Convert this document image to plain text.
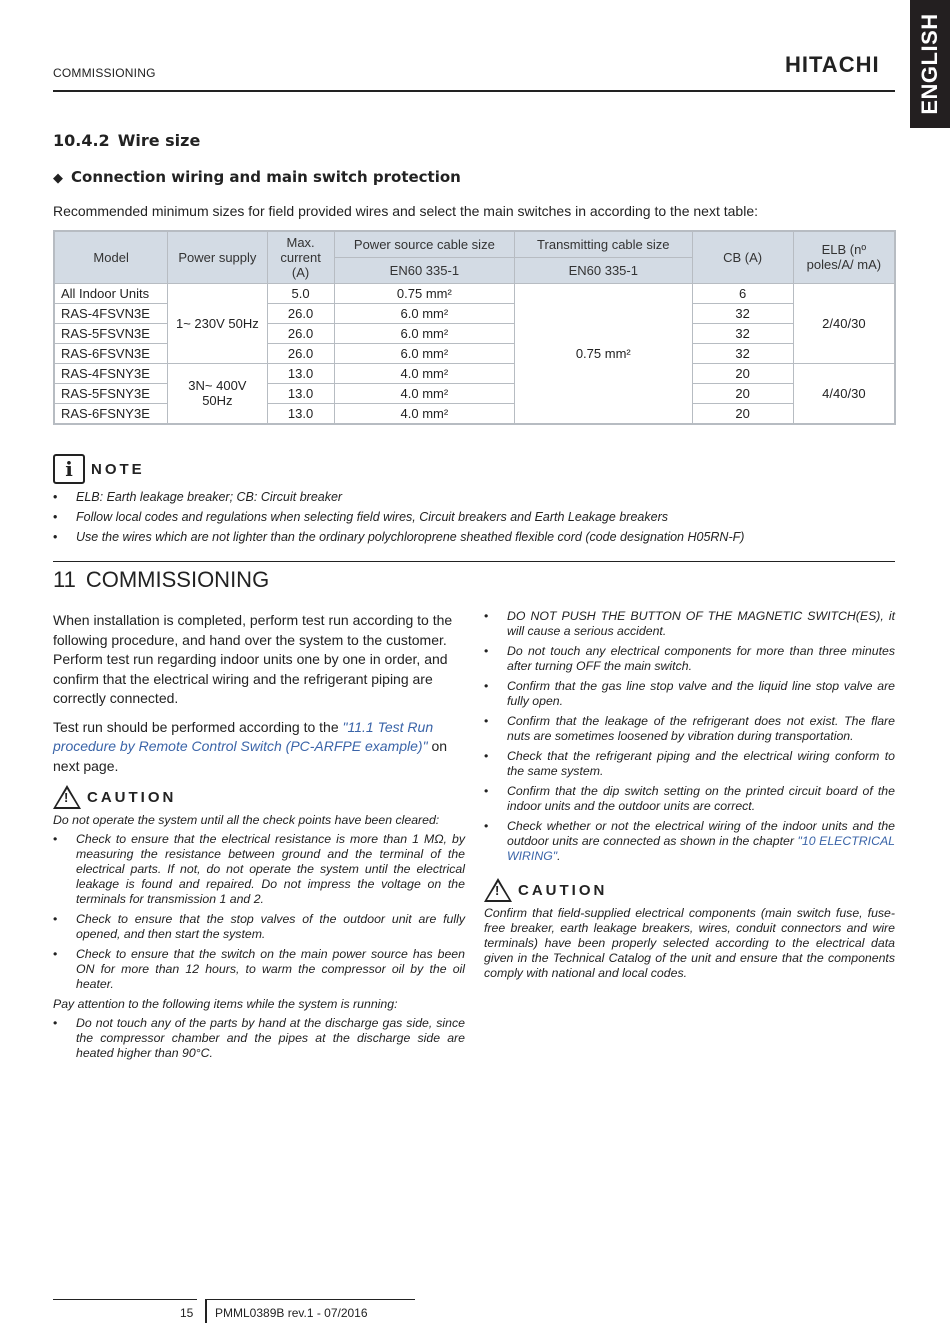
COMMISSIONING	HITACHI ENGLISH
10.4.2 Wire size
◆ Connection wiring and main switch protection
Recommended minimum sizes for field provided wires and select the main switches in according to the next table:
Model	Power supply	Max. current (A)	Power source cable size	Transmitting cable size	CB (A)	ELB (nº poles/A/ mA)
			EN60 335-1	EN60 335-1		
All Indoor Units	1~ 230V 50Hz	5.0	0.75 mm²	0.75 mm²	6	2/40/30
RAS-4FSVN3E		26.0	6.0 mm²		32	
RAS-5FSVN3E		26.0	6.0 mm²		32	
RAS-6FSVN3E		26.0	6.0 mm²		32	
RAS-4FSNY3E	3N~ 400V 50Hz	13.0	4.0 mm²		20	4/40/30
RAS-5FSNY3E		13.0	4.0 mm²		20	
RAS-6FSNY3E		13.0	4.0 mm²		20	
i NOTE
• ELB: Earth leakage breaker; CB: Circuit breaker
• Follow local codes and regulations when selecting field wires, Circuit breakers and Earth Leakage breakers
• Use the wires which are not lighter than the ordinary polychloroprene sheathed flexible cord (code designation H05RN-F)
11 COMMISSIONING

When installation is completed, perform test run according to the following procedure, and hand over the system to the customer. Perform test run regarding indoor units one by one in order, and confirm that the electrical wiring and the refrigerant piping are correctly connected.

Test run should be performed according to the "11.1 Test Run procedure by Remote Control Switch (PC-ARFPE example)" on next page.

! CAUTION

Do not operate the system until all the check points have been cleared:

• Check to ensure that the electrical resistance is more than 1 MΩ, by measuring the resistance between ground and the terminal of the electrical parts. If not, do not operate the system until the electrical leakage is found and repaired. Do not impress the voltage on the terminals for transmission 1 and 2.
• Check to ensure that the stop valves of the outdoor unit are fully opened, and then start the system.
• Check to ensure that the switch on the main power source has been ON for more than 12 hours, to warm the compressor oil by the oil heater.

Pay attention to the following items while the system is running:

• Do not touch any of the parts by hand at the discharge gas side, since the compressor chamber and the pipes at the discharge side are heated higher than 90°C.
• DO NOT PUSH THE BUTTON OF THE MAGNETIC SWITCH(ES), it will cause a serious accident.
• Do not touch any electrical components for more than three minutes after turning OFF the main switch.
• Confirm that the gas line stop valve and the liquid line stop valve are fully open.
• Confirm that the leakage of the refrigerant does not exist. The flare nuts are sometimes loosened by vibration during transportation.
• Check that the refrigerant piping and the electrical wiring conform to the same system.
• Confirm that the dip switch setting on the printed circuit board of the indoor units and the outdoor units are correct.
• Check whether or not the electrical wiring of the indoor units and the outdoor units are connected as shown in the chapter "10 ELECTRICAL WIRING".
! CAUTION

Confirm that field-supplied electrical components (main switch fuse, fuse-free breaker, earth leakage breakers, wires, conduit connectors and wire terminals) have been properly selected according to the electrical data given in the Technical Catalog of the unit and ensure that the components comply with national and local codes.

15 PMML0389B rev.1 - 07/2016
